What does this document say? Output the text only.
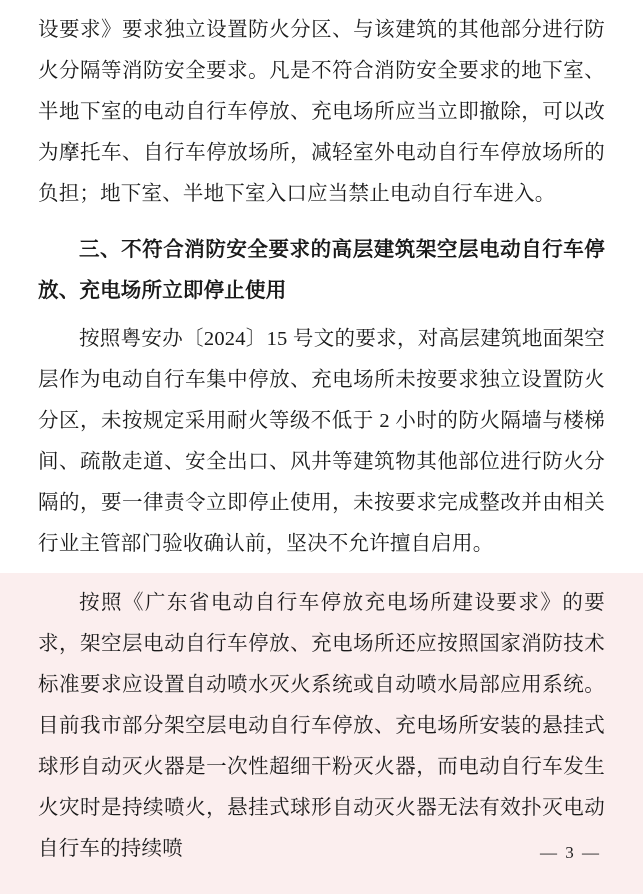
设要求》要求独立设置防火分区、与该建筑的其他部分进行防火分隔等消防安全要求。凡是不符合消防安全要求的地下室、半地下室的电动自行车停放、充电场所应当立即撤除，可以改为摩托车、自行车停放场所，减轻室外电动自行车停放场所的负担；地下室、半地下室入口应当禁止电动自行车进入。

三、不符合消防安全要求的高层建筑架空层电动自行车停放、充电场所立即停止使用

按照粤安办〔2024〕15 号文的要求，对高层建筑地面架空层作为电动自行车集中停放、充电场所未按要求独立设置防火分区，未按规定采用耐火等级不低于 2 小时的防火隔墙与楼梯间、疏散走道、安全出口、风井等建筑物其他部位进行防火分隔的，要一律责令立即停止使用，未按要求完成整改并由相关行业主管部门验收确认前，坚决不允许擅自启用。

按照《广东省电动自行车停放充电场所建设要求》的要求，架空层电动自行车停放、充电场所还应按照国家消防技术标准要求应设置自动喷水灭火系统或自动喷水局部应用系统。目前我市部分架空层电动自行车停放、充电场所安装的悬挂式球形自动灭火器是一次性超细干粉灭火器，而电动自行车发生火灾时是持续喷火，悬挂式球形自动灭火器无法有效扑灭电动自行车的持续喷	— 3 —
